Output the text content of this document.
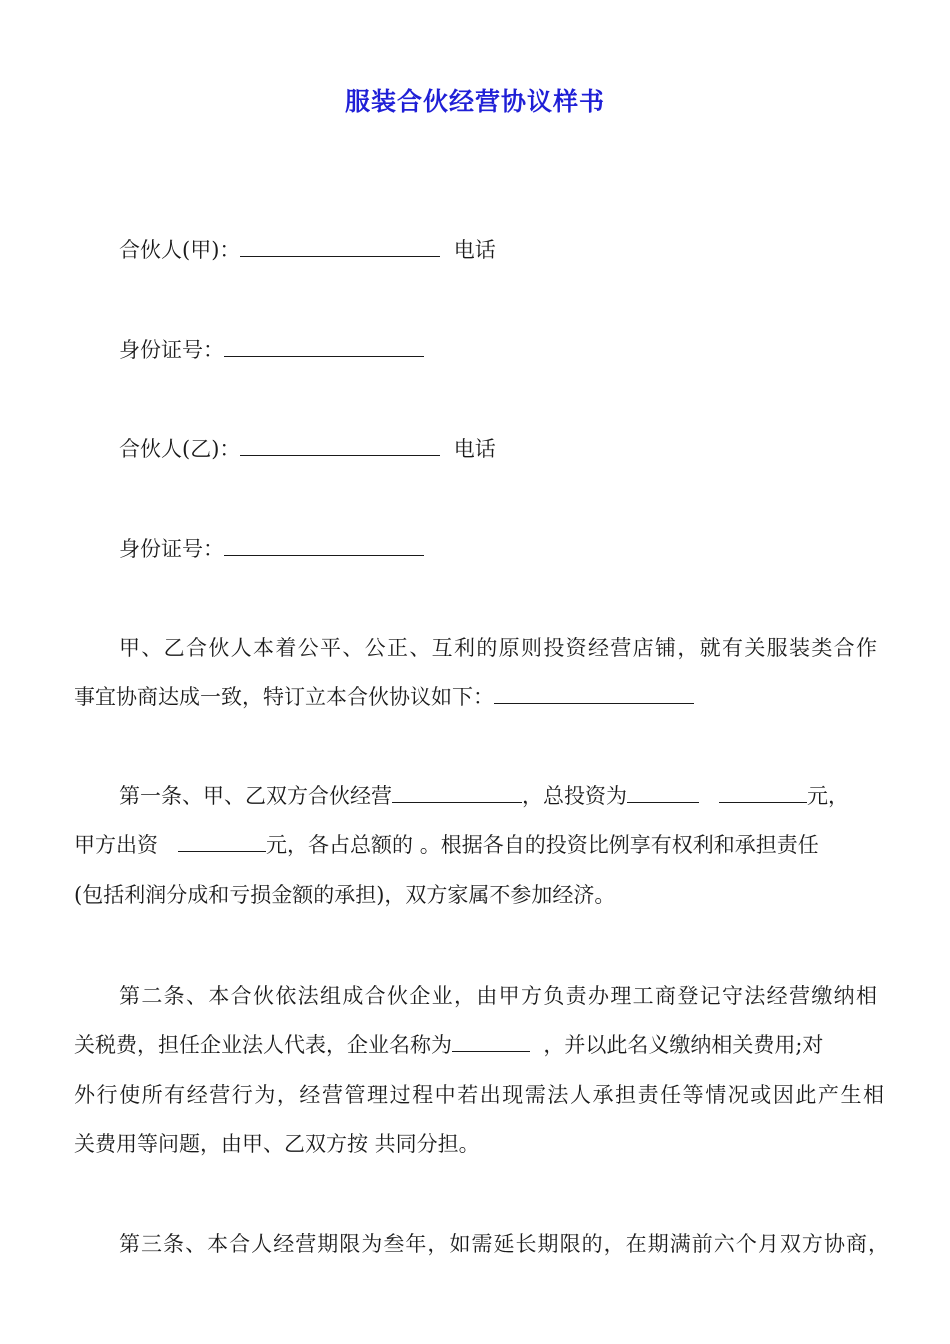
服装合伙经营协议样书
合伙人(甲)：	电话
身份证号：
合伙人(乙)：	电话
身份证号：
甲、乙合伙人本着公平、公正、互利的原则投资经营店铺，就有关服装类合作
事宜协商达成一致，特订立本合伙协议如下：
第一条、甲、乙双方合伙经营	，总投资为	元，
甲方出资	元，各占总额的 。根据各自的投资比例享有权利和承担责任
(包括利润分成和亏损金额的承担)，双方家属不参加经济。
第二条、本合伙依法组成合伙企业，由甲方负责办理工商登记守法经营缴纳相
关税费，担任企业法人代表，企业名称为	，并以此名义缴纳相关费用;对
外行使所有经营行为，经营管理过程中若出现需法人承担责任等情况或因此产生相
关费用等问题，由甲、乙双方按 共同分担。
第三条、本合人经营期限为叁年，如需延长期限的，在期满前六个月双方协商，
